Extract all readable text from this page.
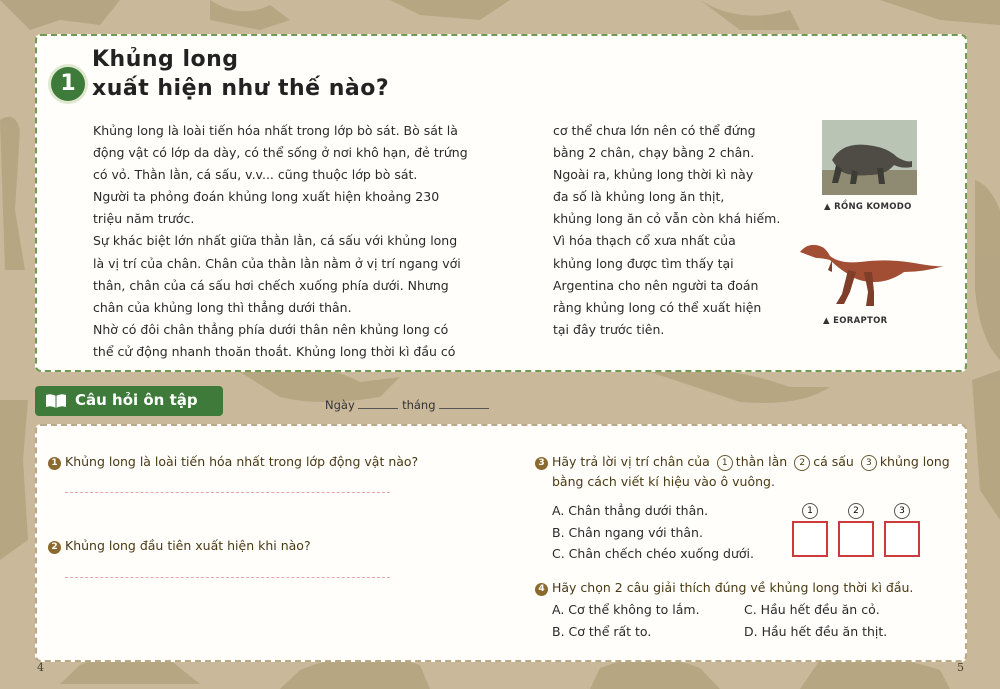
1
Khủng long
xuất hiện như thế nào?
Khủng long là loài tiến hóa nhất trong lớp bò sát. Bò sát là
động vật có lớp da dày, có thể sống ở nơi khô hạn, đẻ trứng
có vỏ. Thằn lằn, cá sấu, v.v... cũng thuộc lớp bò sát.
Người ta phỏng đoán khủng long xuất hiện khoảng 230
triệu năm trước.
Sự khác biệt lớn nhất giữa thằn lằn, cá sấu với khủng long
là vị trí của chân. Chân của thằn lằn nằm ở vị trí ngang với
thân, chân của cá sấu hơi chếch xuống phía dưới. Nhưng
chân của khủng long thì thẳng dưới thân.
Nhờ có đôi chân thẳng phía dưới thân nên khủng long có
thể cử động nhanh thoăn thoắt. Khủng long thời kì đầu có
cơ thể chưa lớn nên có thể đứng
bằng 2 chân, chạy bằng 2 chân.
Ngoài ra, khủng long thời kì này
đa số là khủng long ăn thịt,
khủng long ăn cỏ vẫn còn khá hiếm.
Vì hóa thạch cổ xưa nhất của
khủng long được tìm thấy tại
Argentina cho nên người ta đoán
rằng khủng long có thể xuất hiện
tại đây trước tiên.
▲ RỒNG KOMODO
▲ EORAPTOR
Câu hỏi ôn tập	Ngày	tháng
1 Khủng long là loài tiến hóa nhất trong lớp động vật nào?
2 Khủng long đầu tiên xuất hiện khi nào?
3 Hãy trả lời vị trí chân của 1 thằn lằn 2 cá sấu 3 khủng long
bằng cách viết kí hiệu vào ô vuông.
A. Chân thẳng dưới thân.
B. Chân ngang với thân.
C. Chân chếch chéo xuống dưới.
1	2	3
4 Hãy chọn 2 câu giải thích đúng về khủng long thời kì đầu.
A. Cơ thể không to lắm.	C. Hầu hết đều ăn cỏ.
B. Cơ thể rất to.	D. Hầu hết đều ăn thịt.
4	5
